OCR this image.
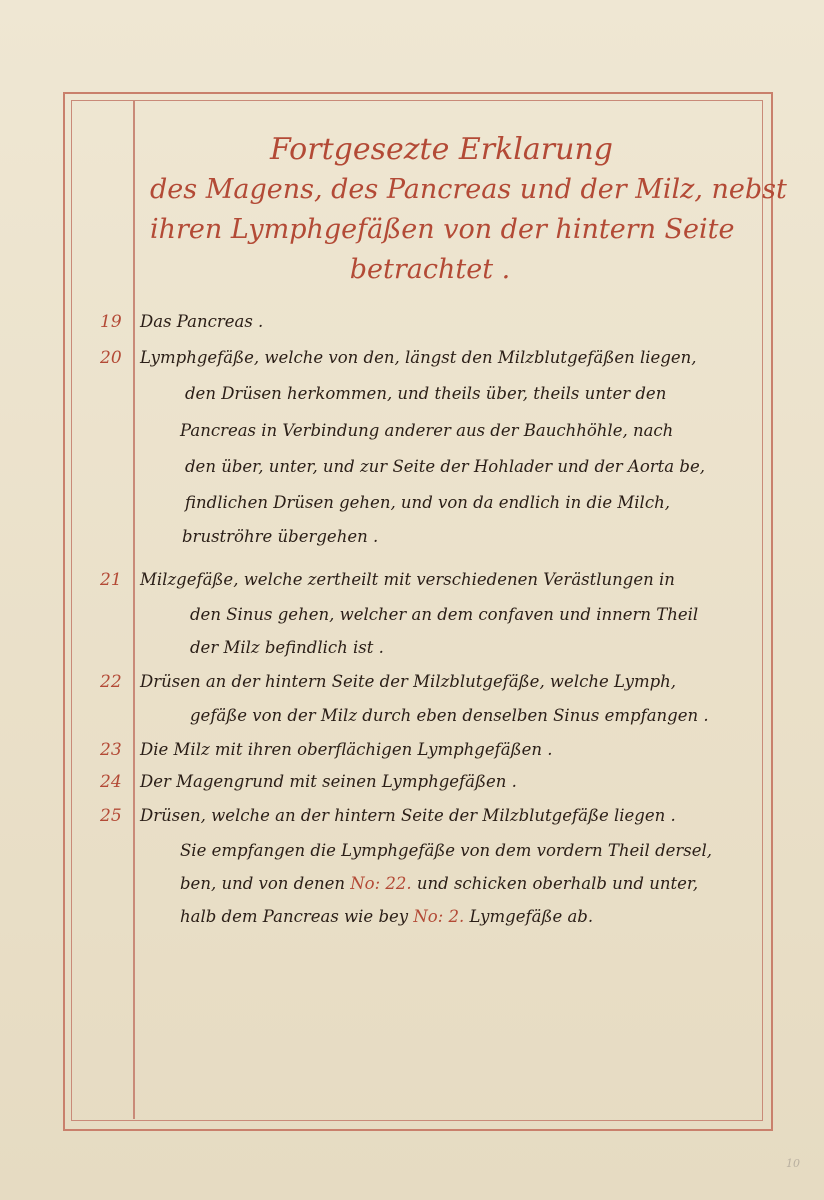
Fortgesezte Erklarung
des Magens, des Pancreas und der Milz, nebst
ihren Lymphgefäßen von der hintern Seite
betrachtet .
19	Das Pancreas .
20	Lymphgefäße, welche von den, längst den Milzblutgefäßen liegen,
den Drüsen herkommen, und theils über, theils unter den
Pancreas in Verbindung anderer aus der Bauchhöhle, nach
den über, unter, und zur Seite der Hohlader und der Aorta be,
findlichen Drüsen gehen, und von da endlich in die Milch,
bruströhre übergehen .
21	Milzgefäße, welche zertheilt mit verschiedenen Verästlungen in
den Sinus gehen, welcher an dem confaven und innern Theil
der Milz befindlich ist .
22	Drüsen an der hintern Seite der Milzblutgefäße, welche Lymph,
gefäße von der Milz durch eben denselben Sinus empfangen .
23	Die Milz mit ihren oberflächigen Lymphgefäßen .
24	Der Magengrund mit seinen Lymphgefäßen .
25	Drüsen, welche an der hintern Seite der Milzblutgefäße liegen .
Sie empfangen die Lymphgefäße von dem vordern Theil dersel,
ben, und von denen No: 22. und schicken oberhalb und unter,
halb dem Pancreas wie bey No: 2. Lymgefäße ab.
10
